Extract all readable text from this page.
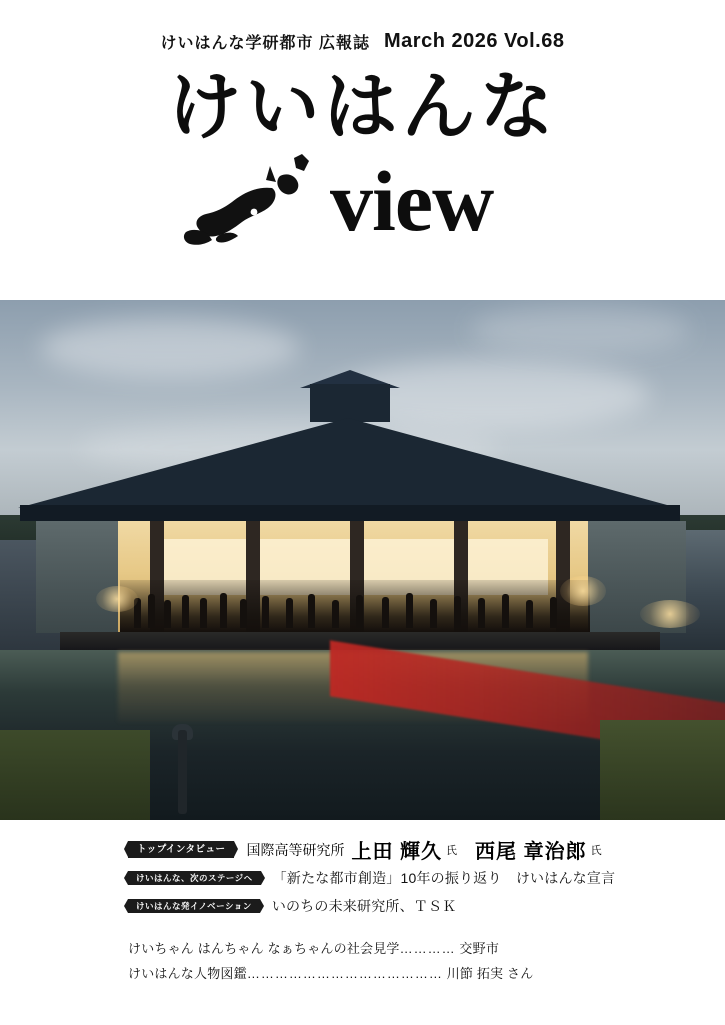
けいはんな学研都市 広報誌 March 2026 Vol.68
けいはんな
view
トップインタビュー	国際高等研究所 上田 輝久 氏 西尾 章治郎 氏
けいはんな、次のステージへ	「新たな都市創造」10年の振り返り　けいはんな宣言
けいはんな発イノベーション	いのちの未来研究所、ＴＳＫ
けいちゃん はんちゃん なぁちゃんの社会見学………… 交野市
けいはんな人物図鑑…………………………………… 川節 拓実 さん
